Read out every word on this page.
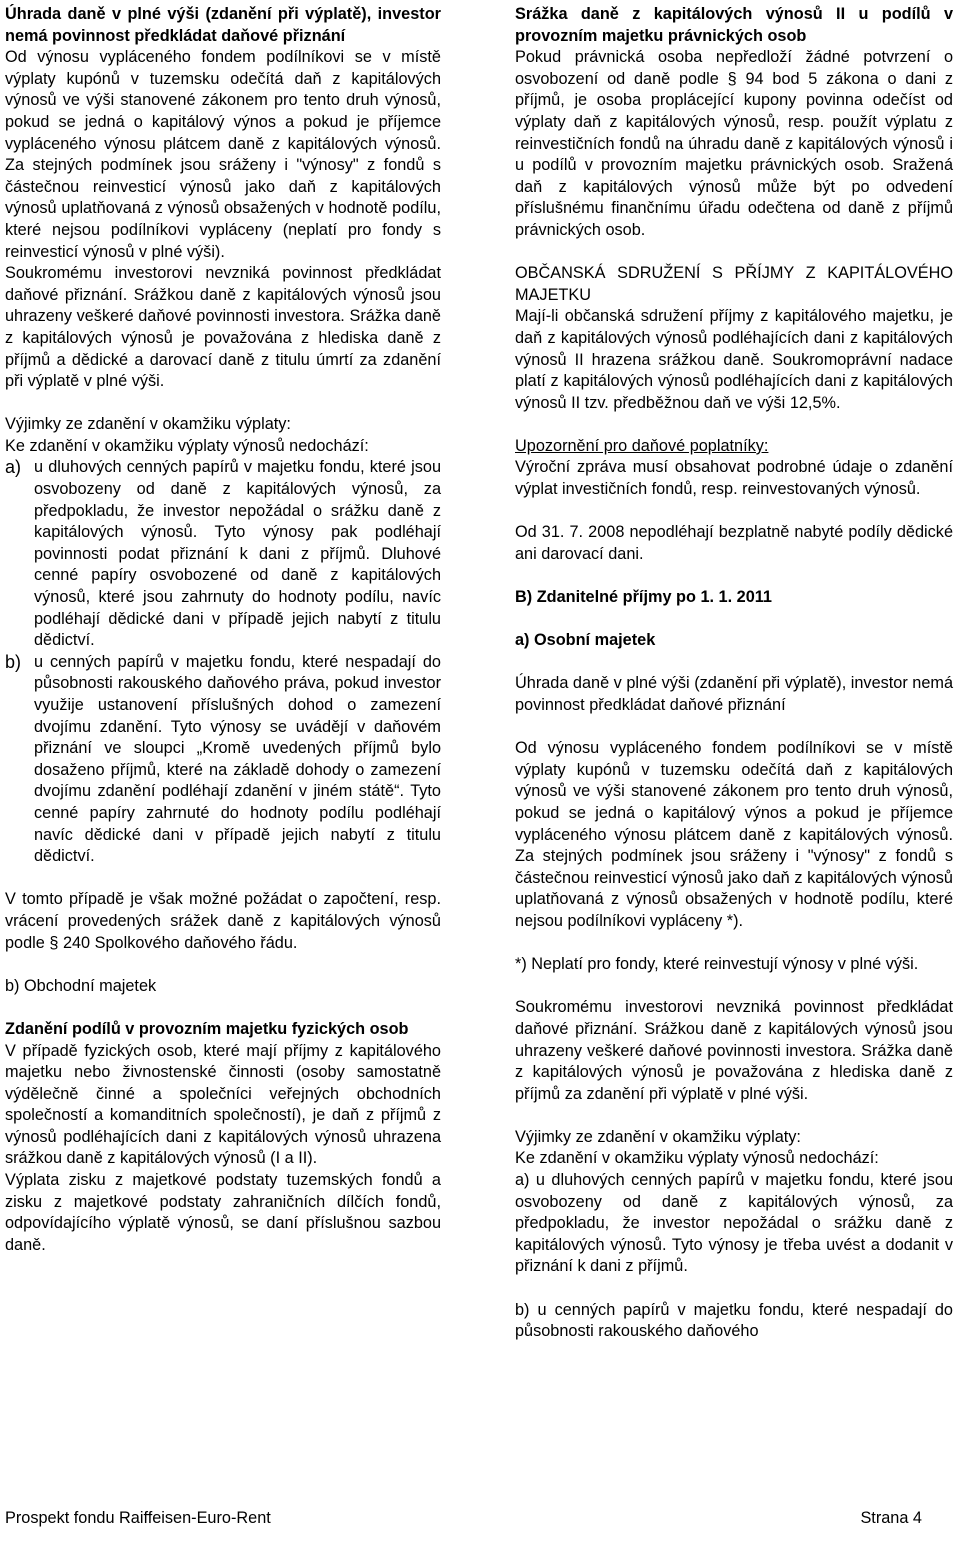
Úhrada daně v plné výši (zdanění při výplatě), investor nemá povinnost předkládat daňové přiznání

Od výnosu vypláceného fondem podílníkovi se v místě výplaty kupónů v tuzemsku odečítá daň z kapitálových výnosů ve výši stanovené zákonem pro tento druh výnosů, pokud se jedná o kapitálový výnos a pokud je příjemce vypláceného výnosu plátcem daně z kapitálových výnosů. Za stejných podmínek jsou sráženy i "výnosy" z fondů s částečnou reinvesticí výnosů jako daň z kapitálových výnosů uplatňovaná z výnosů obsažených v hodnotě podílu, které nejsou podílníkovi vypláceny (neplatí pro fondy s reinvesticí výnosů v plné výši).

Soukromému investorovi nevzniká povinnost předkládat daňové přiznání. Srážkou daně z kapitálových výnosů jsou uhrazeny veškeré daňové povinnosti investora. Srážka daně z kapitálových výnosů je považována z hlediska daně z příjmů a dědické a darovací daně z titulu úmrtí za zdanění při výplatě v plné výši.

Výjimky ze zdanění v okamžiku výplaty:

Ke zdanění v okamžiku výplaty výnosů nedochází:

a) u dluhových cenných papírů v majetku fondu, které jsou osvobozeny od daně z kapitálových výnosů, za předpokladu, že investor nepožádal o srážku daně z kapitálových výnosů. Tyto výnosy pak podléhají povinnosti podat přiznání k dani z příjmů. Dluhové cenné papíry osvobozené od daně z kapitálových výnosů, které jsou zahrnuty do hodnoty podílu, navíc podléhají dědické dani v případě jejich nabytí z titulu dědictví.
b) u cenných papírů v majetku fondu, které nespadají do působnosti rakouského daňového práva, pokud investor využije ustanovení příslušných dohod o zamezení dvojímu zdanění. Tyto výnosy se uvádějí v daňovém přiznání ve sloupci „Kromě uvedených příjmů bylo dosaženo příjmů, které na základě dohody o zamezení dvojímu zdanění podléhají zdanění v jiném státě“. Tyto cenné papíry zahrnuté do hodnoty podílu podléhají navíc dědické dani v případě jejich nabytí z titulu dědictví.

V tomto případě je však možné požádat o započtení, resp. vrácení provedených srážek daně z kapitálových výnosů podle § 240 Spolkového daňového řádu.

b) Obchodní majetek

Zdanění podílů v provozním majetku fyzických osob

V případě fyzických osob, které mají příjmy z kapitálového majetku nebo živnostenské činnosti (osoby samostatně výdělečně činné a společníci veřejných obchodních společností a komanditních společností), je daň z příjmů z výnosů podléhajících dani z kapitálových výnosů uhrazena srážkou daně z kapitálových výnosů (I a II).

Výplata zisku z majetkové podstaty tuzemských fondů a zisku z majetkové podstaty zahraničních dílčích fondů, odpovídajícího výplatě výnosů, se daní příslušnou sazbou daně.

Srážka daně z kapitálových výnosů II u podílů v provozním majetku právnických osob

Pokud právnická osoba nepředloží žádné potvrzení o osvobození od daně podle § 94 bod 5 zákona o dani z příjmů, je osoba proplácející kupony povinna odečíst od výplaty daň z kapitálových výnosů, resp. použít výplatu z reinvestičních fondů na úhradu daně z kapitálových výnosů i u podílů v provozním majetku právnických osob. Sražená daň z kapitálových výnosů může být po odvedení příslušnému finančnímu úřadu odečtena od daně z příjmů právnických osob.

OBČANSKÁ SDRUŽENÍ S PŘÍJMY Z KAPITÁLOVÉHO MAJETKU

Mají-li občanská sdružení příjmy z kapitálového majetku, je daň z kapitálových výnosů podléhajících dani z kapitálových výnosů II hrazena srážkou daně. Soukromoprávní nadace platí z kapitálových výnosů podléhajících dani z kapitálových výnosů II tzv. předběžnou daň ve výši 12,5%.

Upozornění pro daňové poplatníky:

Výroční zpráva musí obsahovat podrobné údaje o zdanění výplat investičních fondů, resp. reinvestovaných výnosů.

Od 31. 7. 2008 nepodléhají bezplatně nabyté podíly dědické ani darovací dani.

B) Zdanitelné příjmy po 1. 1. 2011

a) Osobní majetek

Úhrada daně v plné výši (zdanění při výplatě), investor nemá povinnost předkládat daňové přiznání

Od výnosu vypláceného fondem podílníkovi se v místě výplaty kupónů v tuzemsku odečítá daň z kapitálových výnosů ve výši stanovené zákonem pro tento druh výnosů, pokud se jedná o kapitálový výnos a pokud je příjemce vypláceného výnosu plátcem daně z kapitálových výnosů. Za stejných podmínek jsou sráženy i "výnosy" z fondů s částečnou reinvesticí výnosů jako daň z kapitálových výnosů uplatňovaná z výnosů obsažených v hodnotě podílu, které nejsou podílníkovi vypláceny *).

*) Neplatí pro fondy, které reinvestují výnosy v plné výši.

Soukromému investorovi nevzniká povinnost předkládat daňové přiznání. Srážkou daně z kapitálových výnosů jsou uhrazeny veškeré daňové povinnosti investora. Srážka daně z kapitálových výnosů je považována z hlediska daně z příjmů za zdanění při výplatě v plné výši.

Výjimky ze zdanění v okamžiku výplaty:

Ke zdanění v okamžiku výplaty výnosů nedochází:

a) u dluhových cenných papírů v majetku fondu, které jsou osvobozeny od daně z kapitálových výnosů, za předpokladu, že investor nepožádal o srážku daně z kapitálových výnosů. Tyto výnosy je třeba uvést a dodanit v přiznání k dani z příjmů.

b) u cenných papírů v majetku fondu, které nespadají do působnosti rakouského daňového

Prospekt fondu Raiffeisen-Euro-Rent	Strana 4
